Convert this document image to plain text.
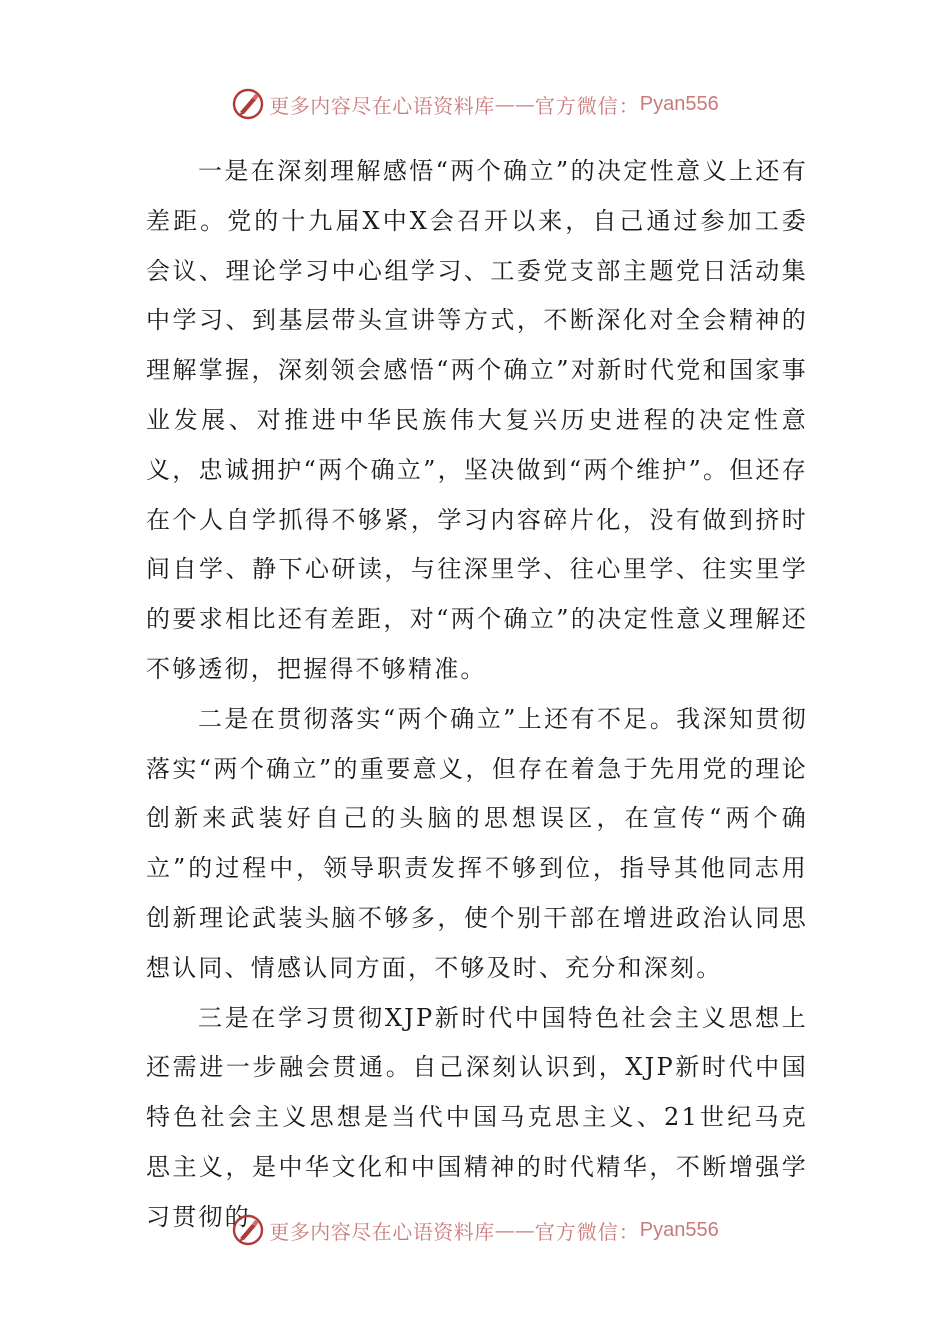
更多内容尽在心语资料库 —— 官方微信： Pyan556

一是在深刻理解感悟“两个确立”的决定性意义上还有差距。党的十九届X中X会召开以来，自己通过参加工委会议、理论学习中心组学习、工委党支部主题党日活动集中学习、到基层带头宣讲等方式，不断深化对全会精神的理解掌握，深刻领会感悟“两个确立”对新时代党和国家事业发展、对推进中华民族伟大复兴历史进程的决定性意义，忠诚拥护“两个确立”，坚决做到“两个维护”。但还存在个人自学抓得不够紧，学习内容碎片化，没有做到挤时间自学、静下心研读，与往深里学、往心里学、往实里学的要求相比还有差距，对“两个确立”的决定性意义理解还不够透彻，把握得不够精准。

二是在贯彻落实“两个确立”上还有不足。我深知贯彻落实“两个确立”的重要意义，但存在着急于先用党的理论创新来武装好自己的头脑的思想误区，在宣传“两个确立”的过程中，领导职责发挥不够到位，指导其他同志用创新理论武装头脑不够多，使个别干部在增进政治认同思想认同、情感认同方面，不够及时、充分和深刻。

三是在学习贯彻XJP新时代中国特色社会主义思想上还需进一步融会贯通。自己深刻认识到，XJP新时代中国特色社会主义思想是当代中国马克思主义、21世纪马克思主义，是中华文化和中国精神的时代精华，不断增强学习贯彻的

更多内容尽在心语资料库 —— 官方微信： Pyan556
